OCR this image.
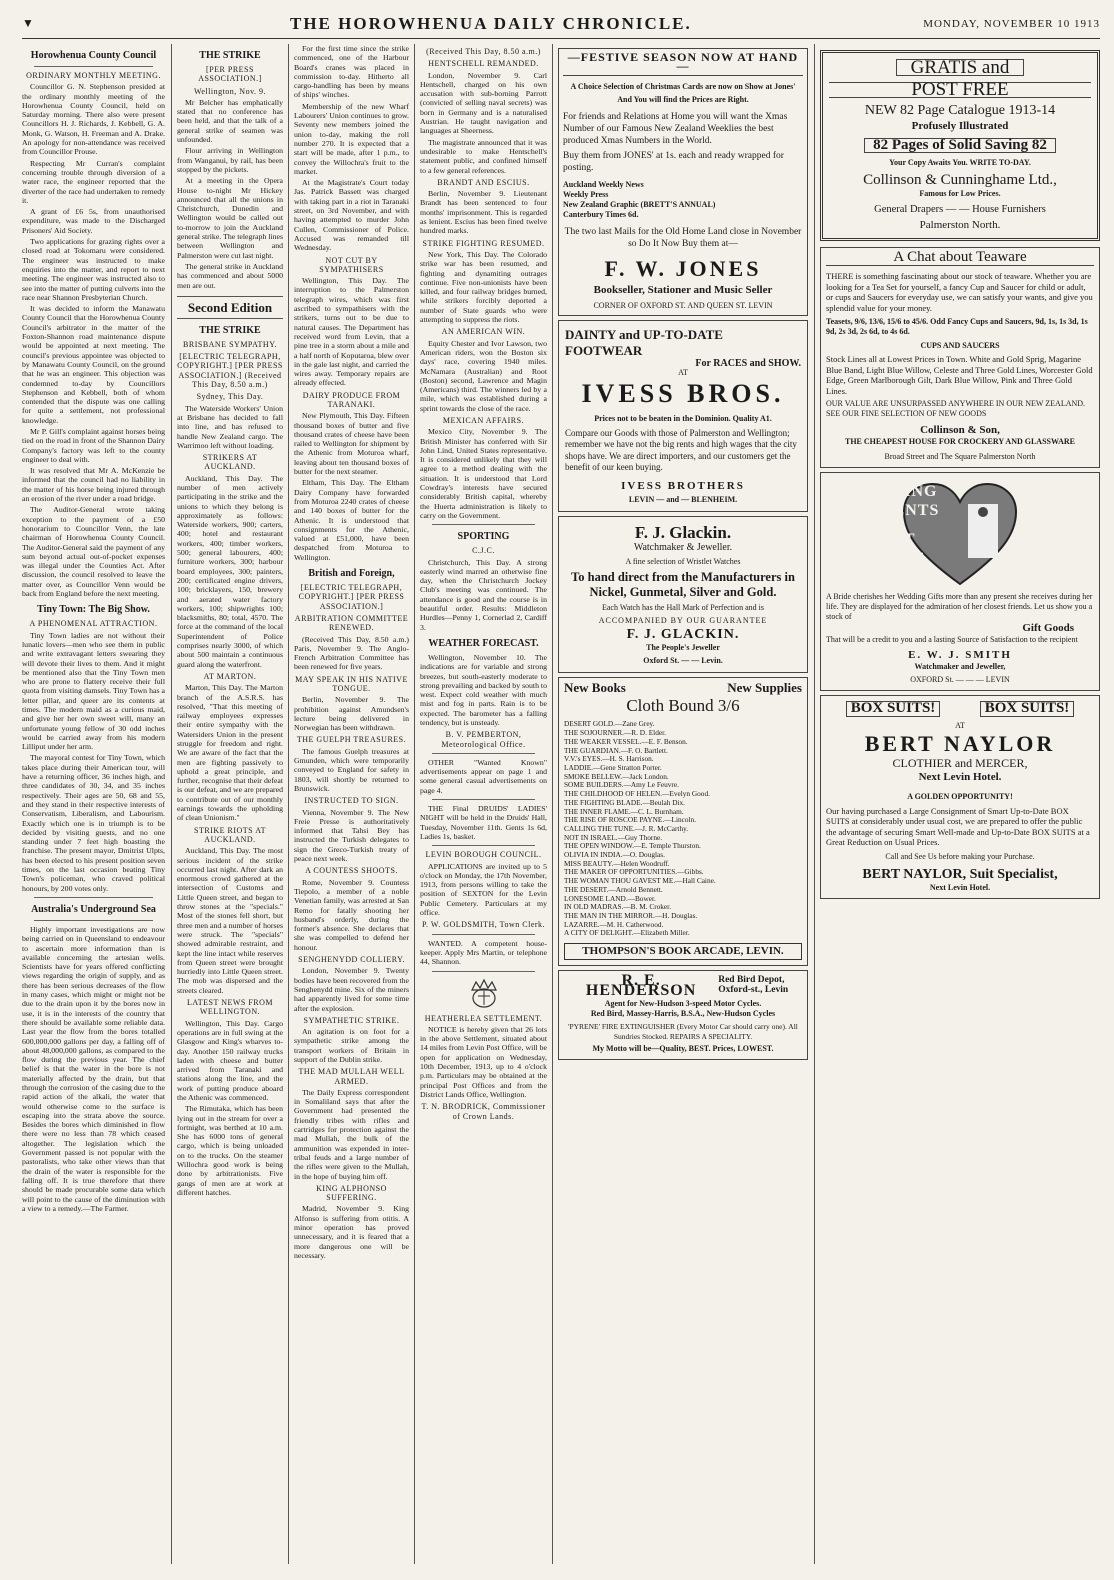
▼	THE HOROWHENUA DAILY CHRONICLE.	MONDAY, NOVEMBER 10 1913
Horowhenua County Council
ORDINARY MONTHLY MEETING.

Councillor G. N. Stephenson presided at the ordinary monthly meeting of the Horowhenua County Council, held on Saturday morning. There also were present Councillors H. J. Richards, J. Kebbell, G. A. Monk, G. Watson, H. Freeman and A. Drake. An apology for non-attendance was received from Councillor Prouse.

Respecting Mr Curran's complaint concerning trouble through diversion of a water race, the engineer reported that the diverter of the race had undertaken to remedy it.

A grant of £6 5s, from unauthorised expenditure, was made to the Discharged Prisoners' Aid Society.

Two applications for grazing rights over a closed road at Tokomaru were considered. The engineer was instructed to make enquiries into the matter, and report to next meeting. The engineer was instructed also to see into the matter of putting culverts into the race near Shannon Presbyterian Church.

It was decided to inform the Manawatu County Council that the Horowhenua County Council's arbitrator in the matter of the Foxton-Shannon road maintenance dispute would be appointed at next meeting. The council's previous appointee was objected to by Manawatu County Council, on the ground that he was an engineer. This objection was condemned to-day by Councillors Stephenson and Kebbell, both of whom contended that the dispute was one calling for quite a settlement, not professional knowledge.

Mr P. Gill's complaint against horses being tied on the road in front of the Shannon Dairy Company's factory was left to the county engineer to deal with.

It was resolved that Mr A. McKenzie be informed that the council had no liability in the matter of his horse being injured through an erosion of the river under a road bridge.

The Auditor-General wrote taking exception to the payment of a £50 honorarium to Councillor Venn, the late chairman of Horowhenua County Council. The Auditor-General said the payment of any sum beyond actual out-of-pocket expenses was illegal under the Counties Act. After discussion, the council resolved to leave the matter over, as Councillor Venn would be back from England before the next meeting.

Tiny Town: The Big Show.
A PHENOMENAL ATTRACTION.

Tiny Town ladies are not without their lunatic lovers—men who see them in public and write extravagant letters swearing they will devote their lives to them. And it might be mentioned also that the Tiny Town men who are prone to flattery receive their full quota from visiting damsels. Tiny Town has a letter pillar, and queer are its contents at times. The modern maid as a curious maid, and give her her own sweet will, many an unfortunate young fellow of 30 odd inches would be carried away from his modern Lilliput under her arm.

The mayoral contest for Tiny Town, which takes place during their American tour, will have a returning officer, 36 inches high, and three candidates of 30, 34, and 35 inches respectively. Their ages are 50, 68 and 55, and they stand in their respective interests of Conservatism, Liberalism, and Labourism. Exactly which one is in triumph is to be decided by visiting guests, and no one standing under 7 feet high boasting the franchise. The present mayor, Dmitrist Ulpts, has been elected to his present position seven times, on the last occasion beating Tiny Town's policeman, who craved political honours, by 200 votes only.

Australia's Underground Sea

Highly important investigations are now being carried on in Queensland to endeavour to ascertain more information than is available concerning the artesian wells. Scientists have for years offered conflicting views regarding the origin of supply, and as there has been serious decreases of the flow in many cases, which might or might not be due to the drain upon it by the bores now in use, it is in the interests of the country that there should be available some reliable data. Last year the flow from the bores totalled 600,000,000 gallons per day, a falling off of about 48,000,000 gallons, as compared to the flow during the previous year. The chief belief is that the water in the bore is not materially affected by the drain, but that through the corrosion of the casing due to the rapid action of the alkali, the water that would otherwise come to the surface is escaping into the strata above the source. Besides the bores which diminished in flow there were no less than 78 which ceased altogether. The legislation which the Government passed is not popular with the pastoralists, who take other views than that the drain of the water is responsible for the falling off. It is true therefore that there should be made procurable some data which will point to the cause of the diminution with a view to a remedy.—The Farmer.

THE STRIKE
[PER PRESS ASSOCIATION.]
Wellington, Nov. 9.

Mr Belcher has emphatically stated that no conference has been held, and that the talk of a general strike of seamen was unfounded.

Flour arriving in Wellington from Wanganui, by rail, has been stopped by the pickets.

At a meeting in the Opera House to-night Mr Hickey announced that all the unions in Christchurch, Dunedin and Wellington would be called out to-morrow to join the Auckland general strike. The telegraph lines between Wellington and Palmerston were cut last night.

The general strike in Auckland has commenced and about 5000 men are out.

Second Edition
THE STRIKE
BRISBANE SYMPATHY.
[ELECTRIC TELEGRAPH, COPYRIGHT.] [PER PRESS ASSOCIATION.] (Received This Day, 8.50 a.m.)
Sydney, This Day.

The Waterside Workers' Union at Brisbane has decided to fall into line, and has refused to handle New Zealand cargo. The Warrimoo left without loading.

STRIKERS AT AUCKLAND.

Auckland, This Day. The number of men actively participating in the strike and the unions to which they belong is approximately as follows: Waterside workers, 900; carters, 400; hotel and restaurant workers, 400; timber workers, 500; general labourers, 400; furniture workers, 300; harbour board employees, 300; painters, 200; certificated engine drivers, 100; bricklayers, 150, brewery and aerated water factory workers, 100; shipwrights 100; blacksmiths, 80; total, 4570. The force at the command of the local Superintendent of Police comprises nearly 3000, of which about 500 maintain a continuous guard along the waterfront.

AT MARTON.

Marton, This Day. The Marton branch of the A.S.R.S. has resolved, "That this meeting of railway employees expresses their entire sympathy with the Watersiders Union in the present struggle for freedom and right. We are aware of the fact that the men are fighting passively to uphold a great principle, and further, recognise that their defeat is our defeat, and we are prepared to contribute out of our monthly earnings towards the upholding of clean Unionism."

STRIKE RIOTS AT AUCKLAND.

Auckland, This Day. The most serious incident of the strike occurred last night. After dark an enormous crowd gathered at the intersection of Customs and Little Queen street, and began to throw stones at the "specials." Most of the stones fell short, but three men and a number of horses were struck. The "specials" showed admirable restraint, and kept the line intact while reserves from Queen street were brought hurriedly into Little Queen street. The mob was dispersed and the streets cleared.

LATEST NEWS FROM WELLINGTON.

Wellington, This Day. Cargo operations are in full swing at the Glasgow and King's wharves to-day. Another 150 railway trucks laden with cheese and butter arrived from Taranaki and stations along the line, and the work of putting produce aboard the Athenic was commenced.

The Rimutaka, which has been lying out in the stream for over a fortnight, was berthed at 10 a.m. She has 6000 tons of general cargo, which is being unloaded on to the trucks. On the steamer Willochra good work is being done by arbitrationists. Five gangs of men are at work at different hatches.

For the first time since the strike commenced, one of the Harbour Board's cranes was placed in commission to-day. Hitherto all cargo-handling has been by means of ships' winches.

Membership of the new Wharf Labourers' Union continues to grow. Seventy new members joined the union to-day, making the roll number 270. It is expected that a start will be made, after 1 p.m., to convey the Willochra's fruit to the market.

At the Magistrate's Court today Jas. Patrick Bassett was charged with taking part in a riot in Taranaki street, on 3rd November, and with having attempted to murder John Cullen, Commissioner of Police. Accused was remanded till Wednesday.

NOT CUT BY SYMPATHISERS

Wellington, This Day. The interruption to the Palmerston telegraph wires, which was first ascribed to sympathisers with the strikers, turns out to be due to natural causes. The Department has received word from Levin, that a pine tree in a storm about a mile and a half north of Koputaroa, blew over in the gale last night, and carried the wires away. Temporary repairs are already effected.

DAIRY PRODUCE FROM TARANAKI.

New Plymouth, This Day. Fifteen thousand boxes of butter and five thousand crates of cheese have been railed to Wellington for shipment by the Athenic from Moturoa wharf, leaving about ten thousand boxes of butter for the next steamer.

Eltham, This Day. The Eltham Dairy Company have forwarded from Moturoa 2240 crates of cheese and 140 boxes of butter for the Athenic. It is understood that consignments for the Athenic, valued at £51,000, have been despatched from Moturoa to Wellington.

British and Foreign,
[ELECTRIC TELEGRAPH, COPYRIGHT.] [PER PRESS ASSOCIATION.]
ARBITRATION COMMITTEE RENEWED.

(Received This Day, 8.50 a.m.) Paris, November 9. The Anglo-French Arbitration Committee has been renewed for five years.

MAY SPEAK IN HIS NATIVE TONGUE.

Berlin, November 9. The prohibition against Amundsen's lecture being delivered in Norwegian has been withdrawn.

THE GUELPH TREASURES.

The famous Guelph treasures at Gmunden, which were temporarily conveyed to England for safety in 1803, will shortly be returned to Brunswick.

INSTRUCTED TO SIGN.

Vienna, November 9. The New Freie Presse is authoritatively informed that Tahsi Bey has instructed the Turkish delegates to sign the Greco-Turkish treaty of peace next week.

A COUNTESS SHOOTS.

Rome, November 9. Countess Tiepolo, a member of a noble Venetian family, was arrested at San Remo for fatally shooting her husband's orderly, during the former's absence. She declares that she was compelled to defend her honour.

SENGHENYDD COLLIERY.

London, November 9. Twenty bodies have been recovered from the Senghenydd mine. Six of the miners had apparently lived for some time after the explosion.

SYMPATHETIC STRIKE.

An agitation is on foot for a sympathetic strike among the transport workers of Britain in support of the Dublin strike.

THE MAD MULLAH WELL ARMED.

The Daily Express correspondent in Somaliland says that after the Government had presented the friendly tribes with rifles and cartridges for protection against the mad Mullah, the bulk of the ammunition was expended in inter-tribal feuds and a large number of the rifles were given to the Mullah, in the hope of buying him off.

KING ALPHONSO SUFFERING.

Madrid, November 9. King Alfonso is suffering from otitis. A minor operation has proved unnecessary, and it is feared that a more dangerous one will be necessary.

(Received This Day, 8.50 a.m.)
HENTSCHELL REMANDED.

London, November 9. Carl Hentschell, charged on his own accusation with sub-borning Parrott (convicted of selling naval secrets) was born in Germany and is a naturalised Austrian. He taught navigation and languages at Sheerness.

The magistrate announced that it was undesirable to make Hentschell's statement public, and confined himself to a few general references.

BRANDT AND ESCIUS.

Berlin, November 9. Lieutenant Brandt has been sentenced to four months' imprisonment. This is regarded as lenient. Escius has been fined twelve hundred marks.

STRIKE FIGHTING RESUMED.

New York, This Day. The Colorado strike war has been resumed, and fighting and dynamiting outrages continue. Five non-unionists have been killed, and four railway bridges burned, while strikers forcibly deported a number of State guards who were attempting to suppress the riots.

AN AMERICAN WIN.

Equity Chester and Ivor Lawson, two American riders, won the Boston six days' race, covering 1940 miles. McNamara (Australian) and Root (Boston) second, Lawrence and Magin (Americans) third. The winners led by a mile, which was established during a sprint towards the close of the race.

MEXICAN AFFAIRS.

Mexico City, November 9. The British Minister has conferred with Sir John Lind, United States representative. It is considered unlikely that they will agree to a method dealing with the situation. It is understood that Lord Cowdray's interests have secured considerably British capital, whereby the Huerta administration is likely to carry on the Government.

SPORTING
C.J.C.

Christchurch, This Day. A strong easterly wind marred an otherwise fine day, when the Christchurch Jockey Club's meeting was continued. The attendance is good and the course is in beautiful order. Results: Middleton Hurdles—Penny 1, Cornerlad 2, Cardiff 3.

WEATHER FORECAST.

Wellington, November 10. The indications are for variable and strong breezes, but south-easterly moderate to strong prevailing and backed by south to west. Expect cold weather with much mist and fog in parts. Rain is to be expected. The barometer has a falling tendency, but is unsteady.

B. V. PEMBERTON, Meteorological Office.

OTHER "Wanted Known" advertisements appear on page 1 and some general casual advertisements on page 4.

THE Final DRUIDS' LADIES' NIGHT will be held in the Druids' Hall, Tuesday, November 11th. Gents 1s 6d, Ladies 1s, basket.

LEVIN BOROUGH COUNCIL.

APPLICATIONS are invited up to 5 o'clock on Monday, the 17th November, 1913, from persons willing to take the position of SEXTON for the Levin Public Cemetery. Particulars at my office.

P. W. GOLDSMITH, Town Clerk.

WANTED. A competent house-keeper. Apply Mrs Martin, or telephone 44, Shannon.

HEATHERLEA SETTLEMENT.

NOTICE is hereby given that 26 lots in the above Settlement, situated about 14 miles from Levin Post Office, will be open for application on Wednesday, 10th December, 1913, up to 4 o'clock p.m. Particulars may be obtained at the principal Post Offices and from the District Lands Office, Wellington.

T. N. BRODRICK, Commissioner of Crown Lands.
—FESTIVE SEASON NOW AT HAND—
A Choice Selection of Christmas Cards are now on Show at Jones'
And You will find the Prices are Right.
For friends and Relations at Home you will want the Xmas Number of our Famous New Zealand Weeklies the best produced Xmas Numbers in the World.
Buy them from JONES' at 1s. each and ready wrapped for posting.
Auckland Weekly News
Weekly Press
New Zealand Graphic (BRETT'S ANNUAL)
Canterbury Times 6d.
The two last Mails for the Old Home Land close in November so Do It Now Buy them at—
F. W. JONES
Bookseller, Stationer and Music Seller
CORNER OF OXFORD ST. AND QUEEN ST. LEVIN
DAINTY and UP-TO-DATE FOOTWEAR
For RACES and SHOW.
AT
IVESS BROS.
Prices not to be beaten in the Dominion. Quality A1.
Compare our Goods with those of Palmerston and Wellington; remember we have not the big rents and high wages that the city shops have. We are direct importers, and our customers get the benefit of our keen buying.
IVESS BROTHERS
LEVIN — and — BLENHEIM.
F. J. Glackin.
Watchmaker & Jeweller.
A fine selection of Wristlet Watches
To hand direct from the Manufacturers in Nickel, Gunmetal, Silver and Gold.
Each Watch has the Hall Mark of Perfection and is
ACCOMPANIED BY OUR GUARANTEE
F. J. GLACKIN.
The People's Jeweller
Oxford St. — — Levin.
New Books	New Supplies
Cloth Bound 3/6
DESERT GOLD.—Zane Grey.
THE SOJOURNER.—R. D. Elder.
THE WEAKER VESSEL.—E. F. Benson.
THE GUARDIAN.—F. O. Bartlett.
V.V.'s EYES.—H. S. Harrison.
LADDIE.—Gene Stratton Porter.
SMOKE BELLEW.—Jack London.
SOME BUILDERS.—Amy Le Feuvre.
THE CHILDHOOD OF HELEN.—Evelyn Good.
THE FIGHTING BLADE.—Beulah Dix.
THE INNER FLAME.—C. L. Burnham.
THE RISE OF ROSCOE PAYNE.—Lincoln.
CALLING THE TUNE.—J. R. McCarthy.
NOT IN ISRAEL.—Guy Thorne.
THE OPEN WINDOW.—E. Temple Thurston.
OLIVIA IN INDIA.—O. Douglas.
MISS BEAUTY.—Helen Woodruff.
THE MAKER OF OPPORTUNITIES.—Gibbs.
THE WOMAN THOU GAVEST ME.—Hall Caine.
THE DESERT.—Arnold Bennett.
LONESOME LAND.—Bower.
IN OLD MADRAS.—B. M. Croker.
THE MAN IN THE MIRROR.—H. Douglas.
LAZARRE.—M. H. Catherwood.
A CITY OF DELIGHT.—Elizabeth Miller.
THOMPSON'S BOOK ARCADE, LEVIN.
R. E. HENDERSON
Red Bird Depot, Oxford-st., Levin
Agent for New-Hudson 3-speed Motor Cycles.
Red Bird, Massey-Harris, B.S.A., New-Hudson Cycles
'PYRENE' FIRE EXTINGUISHER (Every Motor Car should carry one). All Sundries Stocked. REPAIRS A SPECIALITY.
My Motto will be—Quality, BEST. Prices, LOWEST.
GRATIS and
POST FREE
NEW 82 Page Catalogue 1913-14
Profusely Illustrated
82 Pages of Solid Saving 82
Your Copy Awaits You. WRITE TO-DAY.
Collinson & Cunninghame Ltd.,
Famous for Low Prices.
General Drapers — — House Furnishers
Palmerston North.
A Chat about Teaware
THERE is something fascinating about our stock of teaware. Whether you are looking for a Tea Set for yourself, a fancy Cup and Saucer for child or adult, or cups and Saucers for everyday use, we can satisfy your wants, and give you splendid value for your money.
Teasets, 9/6, 13/6, 15/6 to 45/6. Odd Fancy Cups and Saucers, 9d, 1s, 1s 3d, 1s 9d, 2s 3d, 2s 6d, to 4s 6d.
CUPS AND SAUCERS
Stock Lines all at Lowest Prices in Town. White and Gold Sprig, Magarine Blue Band, Light Blue Willow, Celeste and Three Gold Lines, Worcester Gold Edge, Green Marlborough Gilt, Dark Blue Willow, Pink and Three Gold Lines.
OUR VALUE ARE UNSURPASSED ANYWHERE IN OUR NEW ZEALAND. SEE OUR FINE SELECTION OF NEW GOODS
Collinson & Son,
THE CHEAPEST HOUSE FOR CROCKERY AND GLASSWARE
Broad Street and The Square Palmerston North
WEDDING
PRESENTS
AND
GIFT
GOODS
A Bride cherishes her Wedding Gifts more than any present she receives during her life. They are displayed for the admiration of her closest friends. Let us show you a stock of
Gift Goods
That will be a credit to you and a lasting Source of Satisfaction to the recipient
E. W. J. SMITH
Watchmaker and Jeweller,
OXFORD St. — — — LEVIN
BOX SUITS!	BOX SUITS!
AT
BERT NAYLOR
CLOTHIER and MERCER,
Next Levin Hotel.
A GOLDEN OPPORTUNITY!
Our having purchased a Large Consignment of Smart Up-to-Date BOX SUITS at considerably under usual cost, we are prepared to offer the public the advantage of securing Smart Well-made and Up-to-Date BOX SUITS at a Great Reduction on Usual Prices.
Call and See Us before making your Purchase.
BERT NAYLOR, Suit Specialist,
Next Levin Hotel.
